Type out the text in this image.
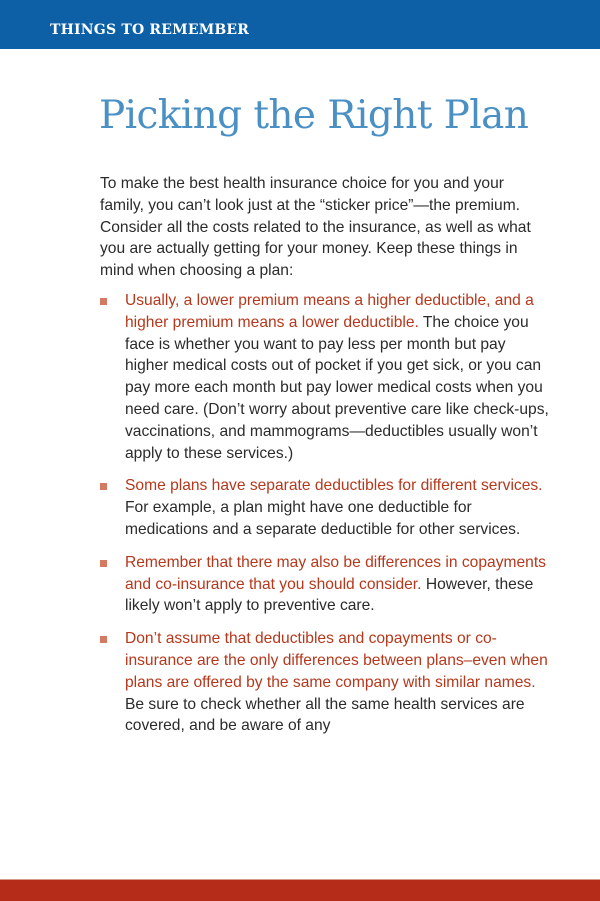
THINGS TO REMEMBER
Picking the Right Plan

To make the best health insurance choice for you and your family, you can’t look just at the “sticker price”—the premium. Consider all the costs related to the insurance, as well as what you are actually getting for your money. Keep these things in mind when choosing a plan:

Usually, a lower premium means a higher deductible, and a higher premium means a lower deductible. The choice you face is whether you want to pay less per month but pay higher medical costs out of pocket if you get sick, or you can pay more each month but pay lower medical costs when you need care. (Don’t worry about preventive care like check-ups, vaccinations, and mammograms—deductibles usually won’t apply to these services.)
Some plans have separate deductibles for different services. For example, a plan might have one deductible for medications and a separate deductible for other services.
Remember that there may also be differences in copayments and co-insurance that you should consider. However, these likely won’t apply to preventive care.
Don’t assume that deductibles and copayments or co-insurance are the only differences between plans–even when plans are offered by the same company with similar names. Be sure to check whether all the same health services are covered, and be aware of any
